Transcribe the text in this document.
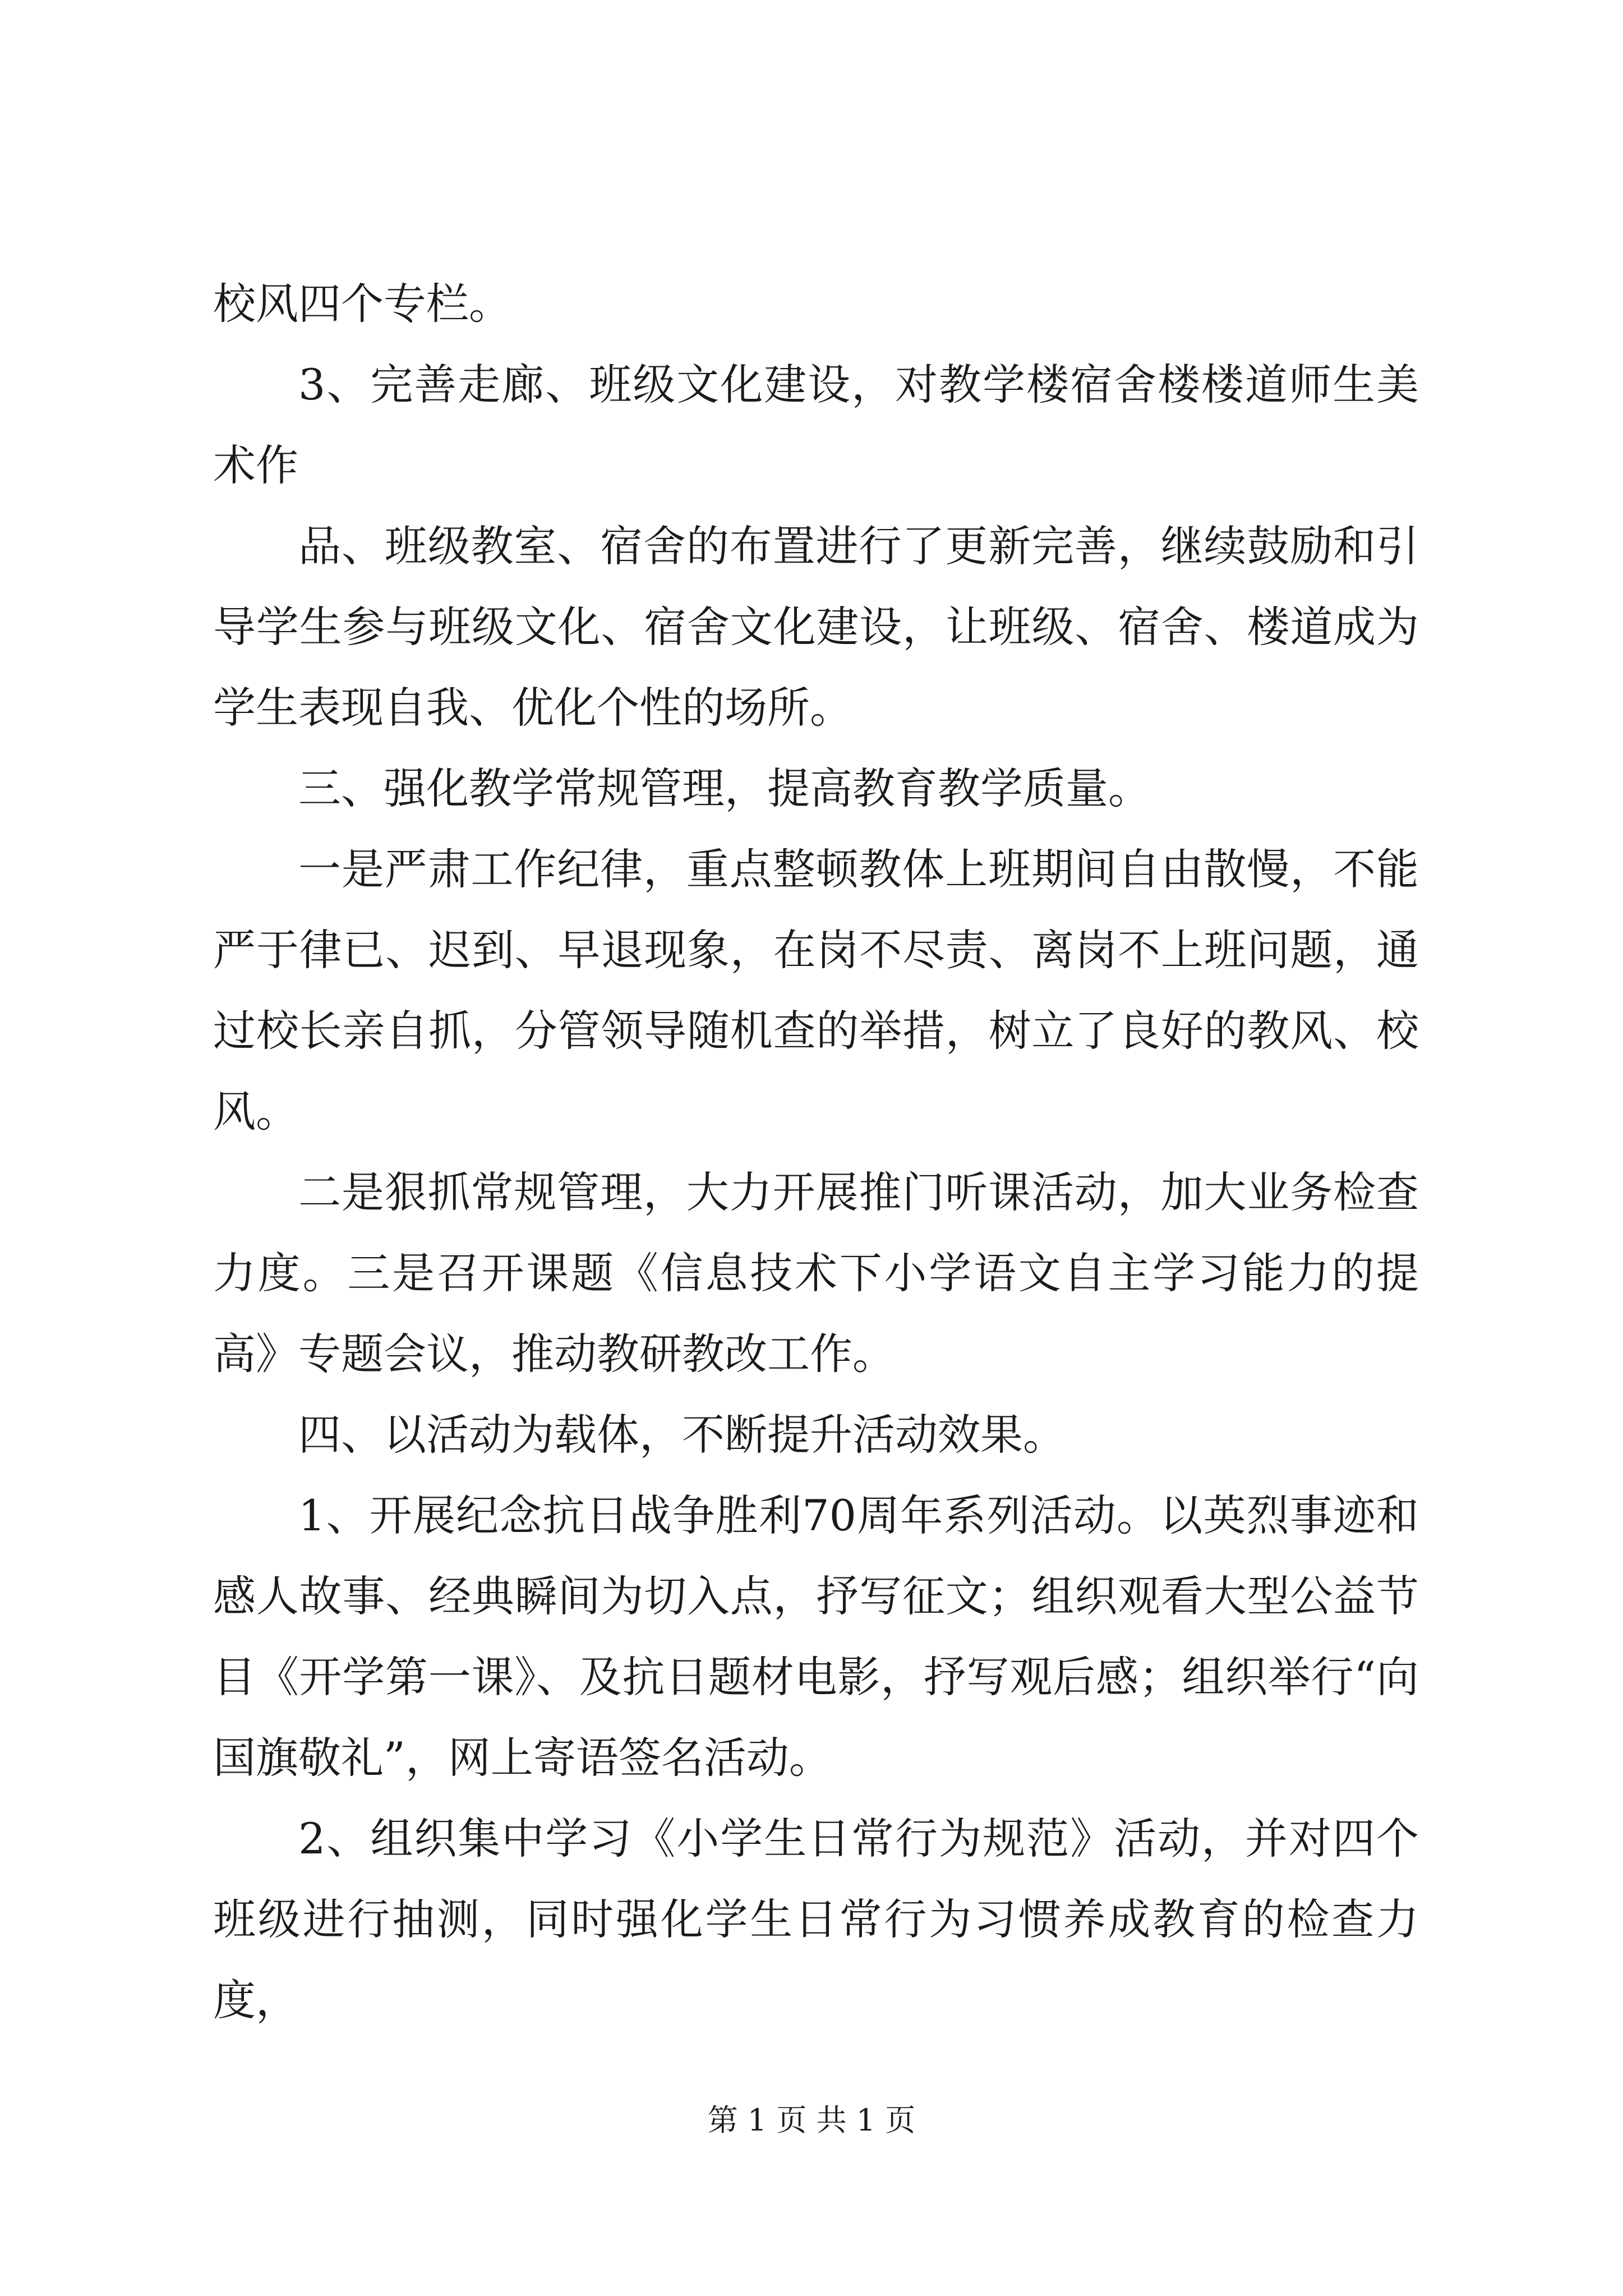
校风四个专栏。

3、完善走廊、班级文化建设，对教学楼宿舍楼楼道师生美术作

品、班级教室、宿舍的布置进行了更新完善，继续鼓励和引导学生参与班级文化、宿舍文化建设，让班级、宿舍、楼道成为学生表现自我、优化个性的场所。

三、强化教学常规管理，提高教育教学质量。

一是严肃工作纪律，重点整顿教体上班期间自由散慢，不能严于律已、迟到、早退现象，在岗不尽责、离岗不上班问题，通过校长亲自抓，分管领导随机查的举措，树立了良好的教风、校风。

二是狠抓常规管理，大力开展推门听课活动，加大业务检查力度。三是召开课题《信息技术下小学语文自主学习能力的提高》专题会议，推动教研教改工作。

四、以活动为载体，不断提升活动效果。

1、开展纪念抗日战争胜利70周年系列活动。以英烈事迹和感人故事、经典瞬间为切入点，抒写征文；组织观看大型公益节目《开学第一课》、及抗日题材电影，抒写观后感；组织举行“向国旗敬礼”，网上寄语签名活动。

2、组织集中学习《小学生日常行为规范》活动，并对四个班级进行抽测，同时强化学生日常行为习惯养成教育的检查力度，

第 1 页 共 1 页
